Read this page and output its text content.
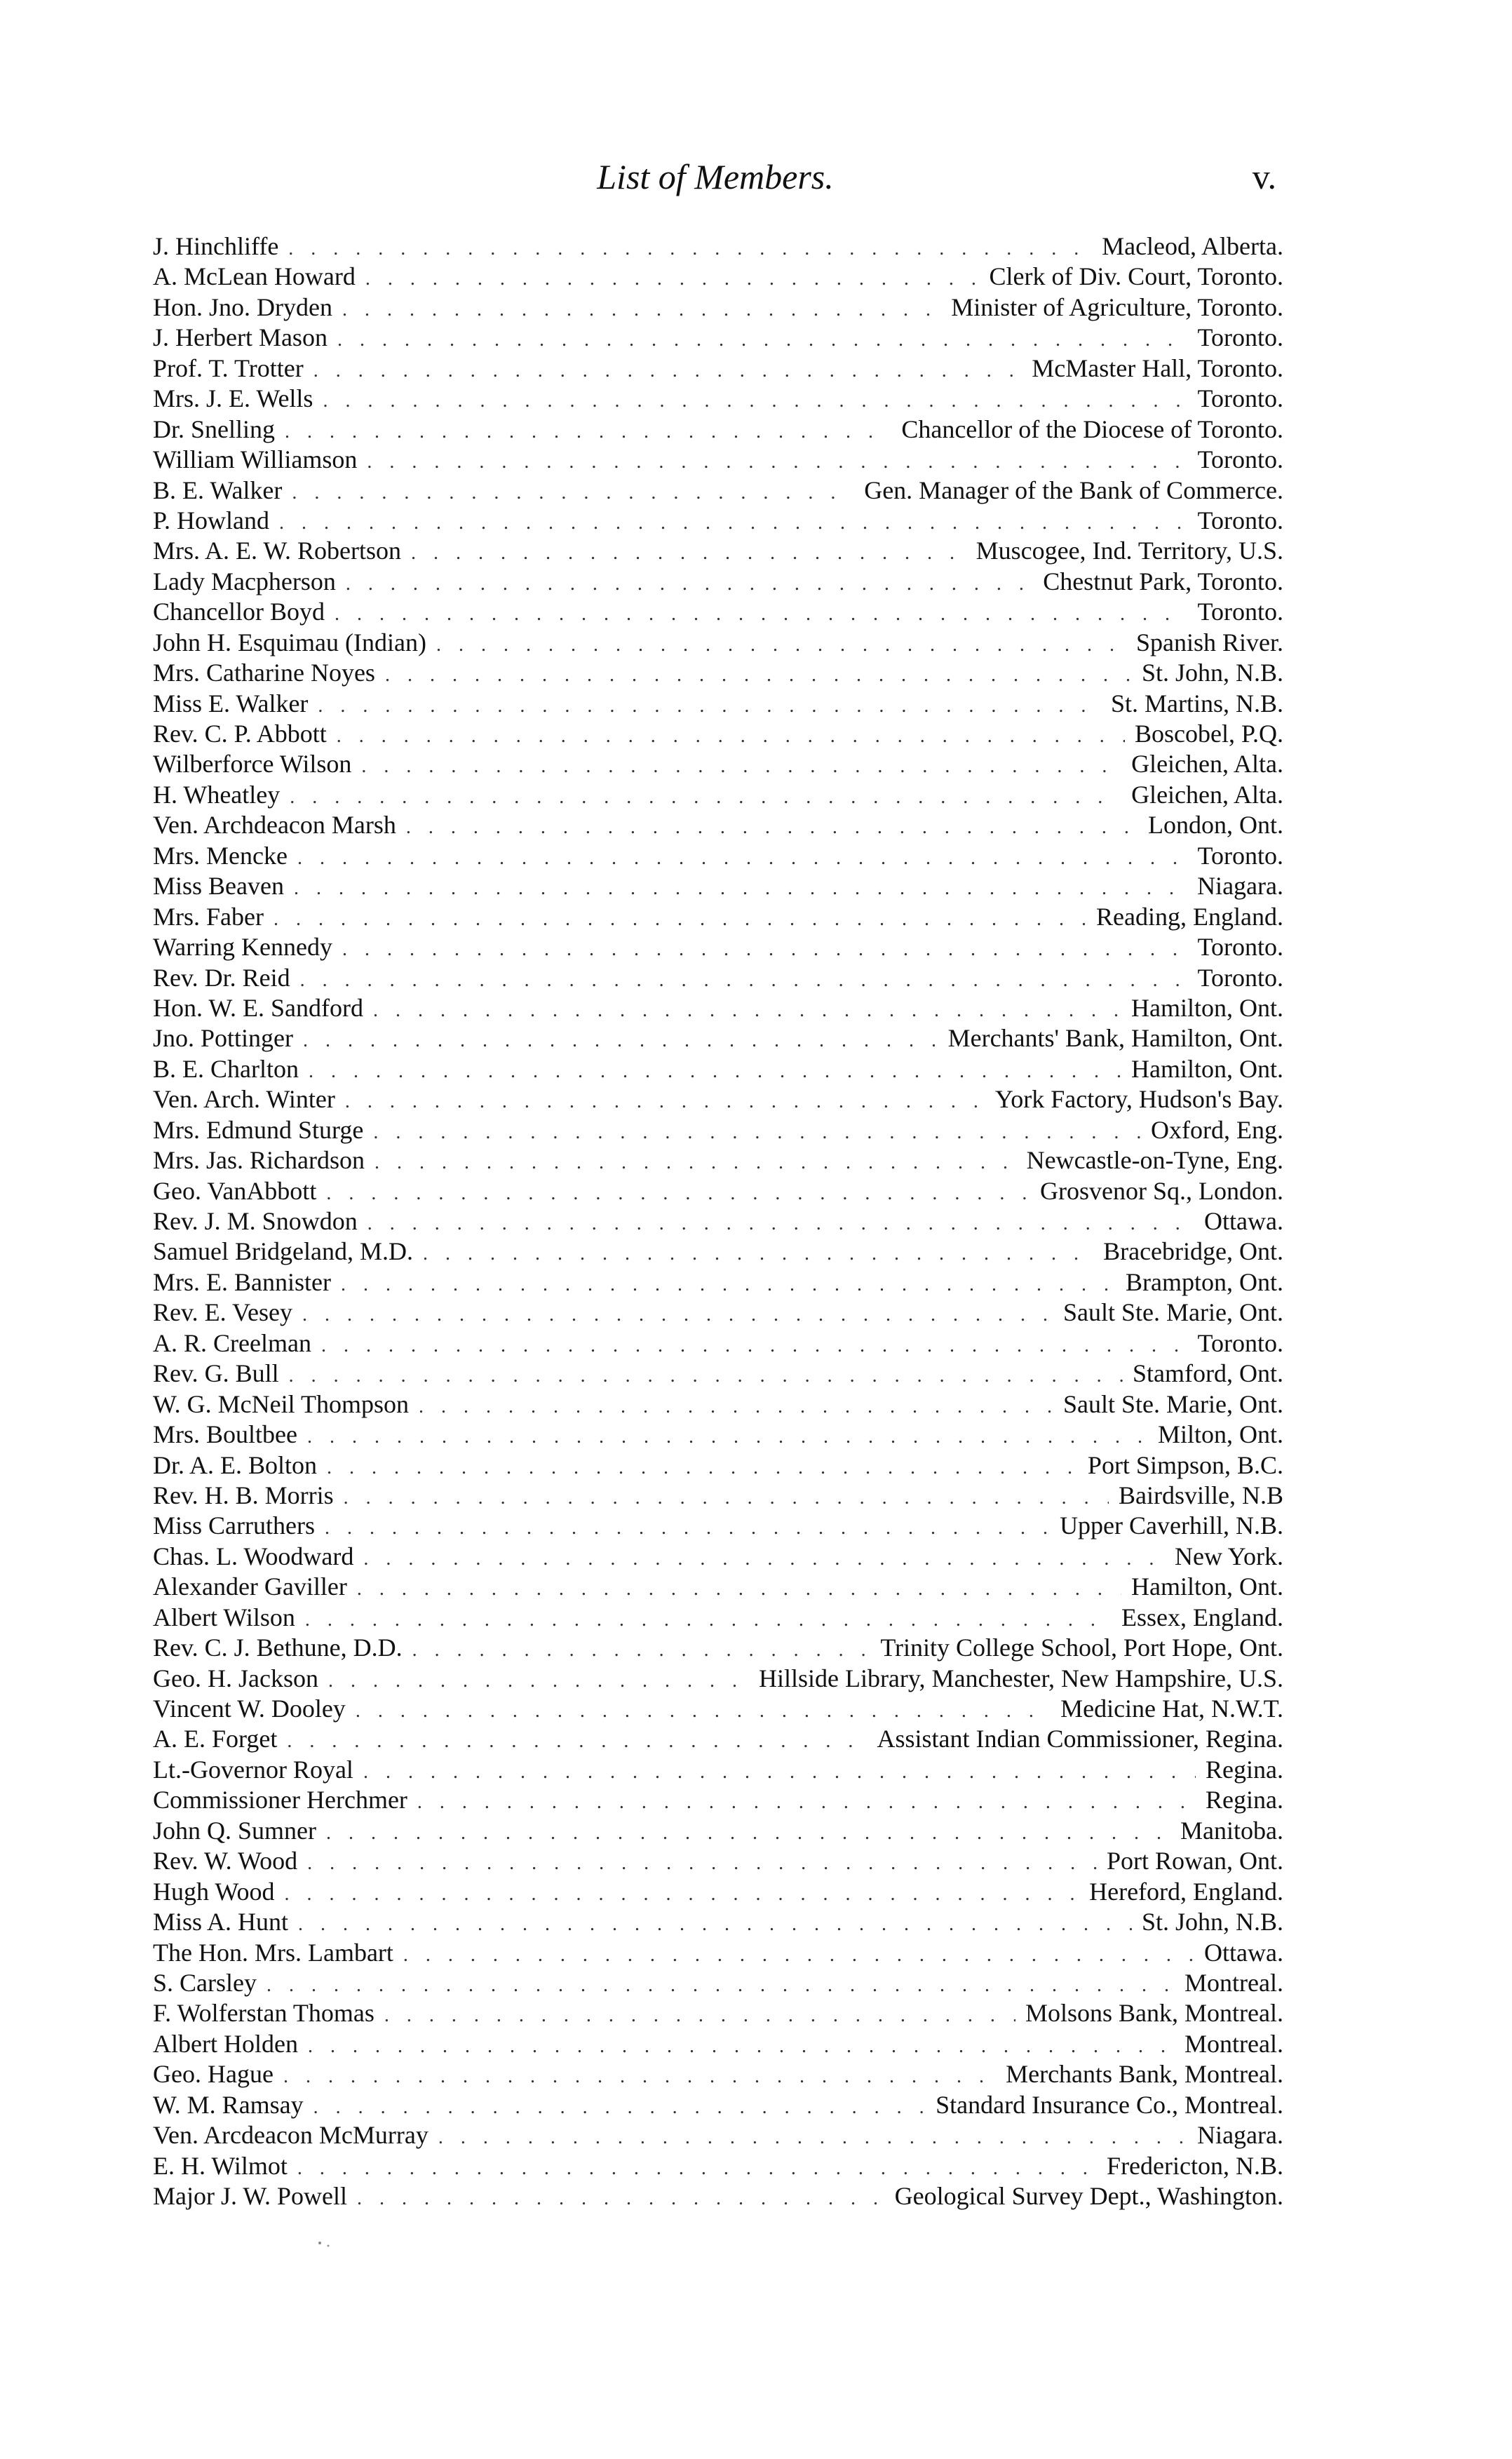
List of Members.	v.
J. Hinchliffe . . .	Macleod, Alberta.
A. McLean Howard . . .	Clerk of Div. Court, Toronto.
Hon. Jno. Dryden . . .	Minister of Agriculture, Toronto.
J. Herbert Mason . . .	Toronto.
Prof. T. Trotter . . .	McMaster Hall, Toronto.
Mrs. J. E. Wells . . .	Toronto.
Dr. Snelling . . .	Chancellor of the Diocese of Toronto.
William Williamson . . .	Toronto.
B. E. Walker . . .	Gen. Manager of the Bank of Commerce.
P. Howland . . .	Toronto.
Mrs. A. E. W. Robertson . . .	Muscogee, Ind. Territory, U.S.
Lady Macpherson . . .	Chestnut Park, Toronto.
Chancellor Boyd . . .	Toronto.
John H. Esquimau (Indian) . . .	Spanish River.
Mrs. Catharine Noyes . . .	St. John, N.B.
Miss E. Walker . . .	St. Martins, N.B.
Rev. C. P. Abbott . . .	Boscobel, P.Q.
Wilberforce Wilson . . .	Gleichen, Alta.
H. Wheatley . . .	Gleichen, Alta.
Ven. Archdeacon Marsh . . .	London, Ont.
Mrs. Mencke . . .	Toronto.
Miss Beaven . . .	Niagara.
Mrs. Faber . . .	Reading, England.
Warring Kennedy . . .	Toronto.
Rev. Dr. Reid . . .	Toronto.
Hon. W. E. Sandford . . .	Hamilton, Ont.
Jno. Pottinger . . .	Merchants' Bank, Hamilton, Ont.
B. E. Charlton . . .	Hamilton, Ont.
Ven. Arch. Winter . . .	York Factory, Hudson's Bay.
Mrs. Edmund Sturge . . .	Oxford, Eng.
Mrs. Jas. Richardson . . .	Newcastle-on-Tyne, Eng.
Geo. VanAbbott . . .	Grosvenor Sq., London.
Rev. J. M. Snowdon . . .	Ottawa.
Samuel Bridgeland, M.D. . . .	Bracebridge, Ont.
Mrs. E. Bannister . . .	Brampton, Ont.
Rev. E. Vesey . . .	Sault Ste. Marie, Ont.
A. R. Creelman . . .	Toronto.
Rev. G. Bull . . .	Stamford, Ont.
W. G. McNeil Thompson . . .	Sault Ste. Marie, Ont.
Mrs. Boultbee . . .	Milton, Ont.
Dr. A. E. Bolton . . .	Port Simpson, B.C.
Rev. H. B. Morris . . .	Bairdsville, N.B
Miss Carruthers . . .	Upper Caverhill, N.B.
Chas. L. Woodward . . .	New York.
Alexander Gaviller . . .	Hamilton, Ont.
Albert Wilson . . .	Essex, England.
Rev. C. J. Bethune, D.D. . . .	Trinity College School, Port Hope, Ont.
Geo. H. Jackson . . .	Hillside Library, Manchester, New Hampshire, U.S.
Vincent W. Dooley . . .	Medicine Hat, N.W.T.
A. E. Forget . . .	Assistant Indian Commissioner, Regina.
Lt.-Governor Royal . . .	Regina.
Commissioner Herchmer . . .	Regina.
John Q. Sumner . . .	Manitoba.
Rev. W. Wood . . .	Port Rowan, Ont.
Hugh Wood . . .	Hereford, England.
Miss A. Hunt . . .	St. John, N.B.
The Hon. Mrs. Lambart . . .	Ottawa.
S. Carsley . . .	Montreal.
F. Wolferstan Thomas . . .	Molsons Bank, Montreal.
Albert Holden . . .	Montreal.
Geo. Hague . . .	Merchants Bank, Montreal.
W. M. Ramsay . . .	Standard Insurance Co., Montreal.
Ven. Arcdeacon McMurray . . .	Niagara.
E. H. Wilmot . . .	Fredericton, N.B.
Major J. W. Powell . . .	Geological Survey Dept., Washington.
